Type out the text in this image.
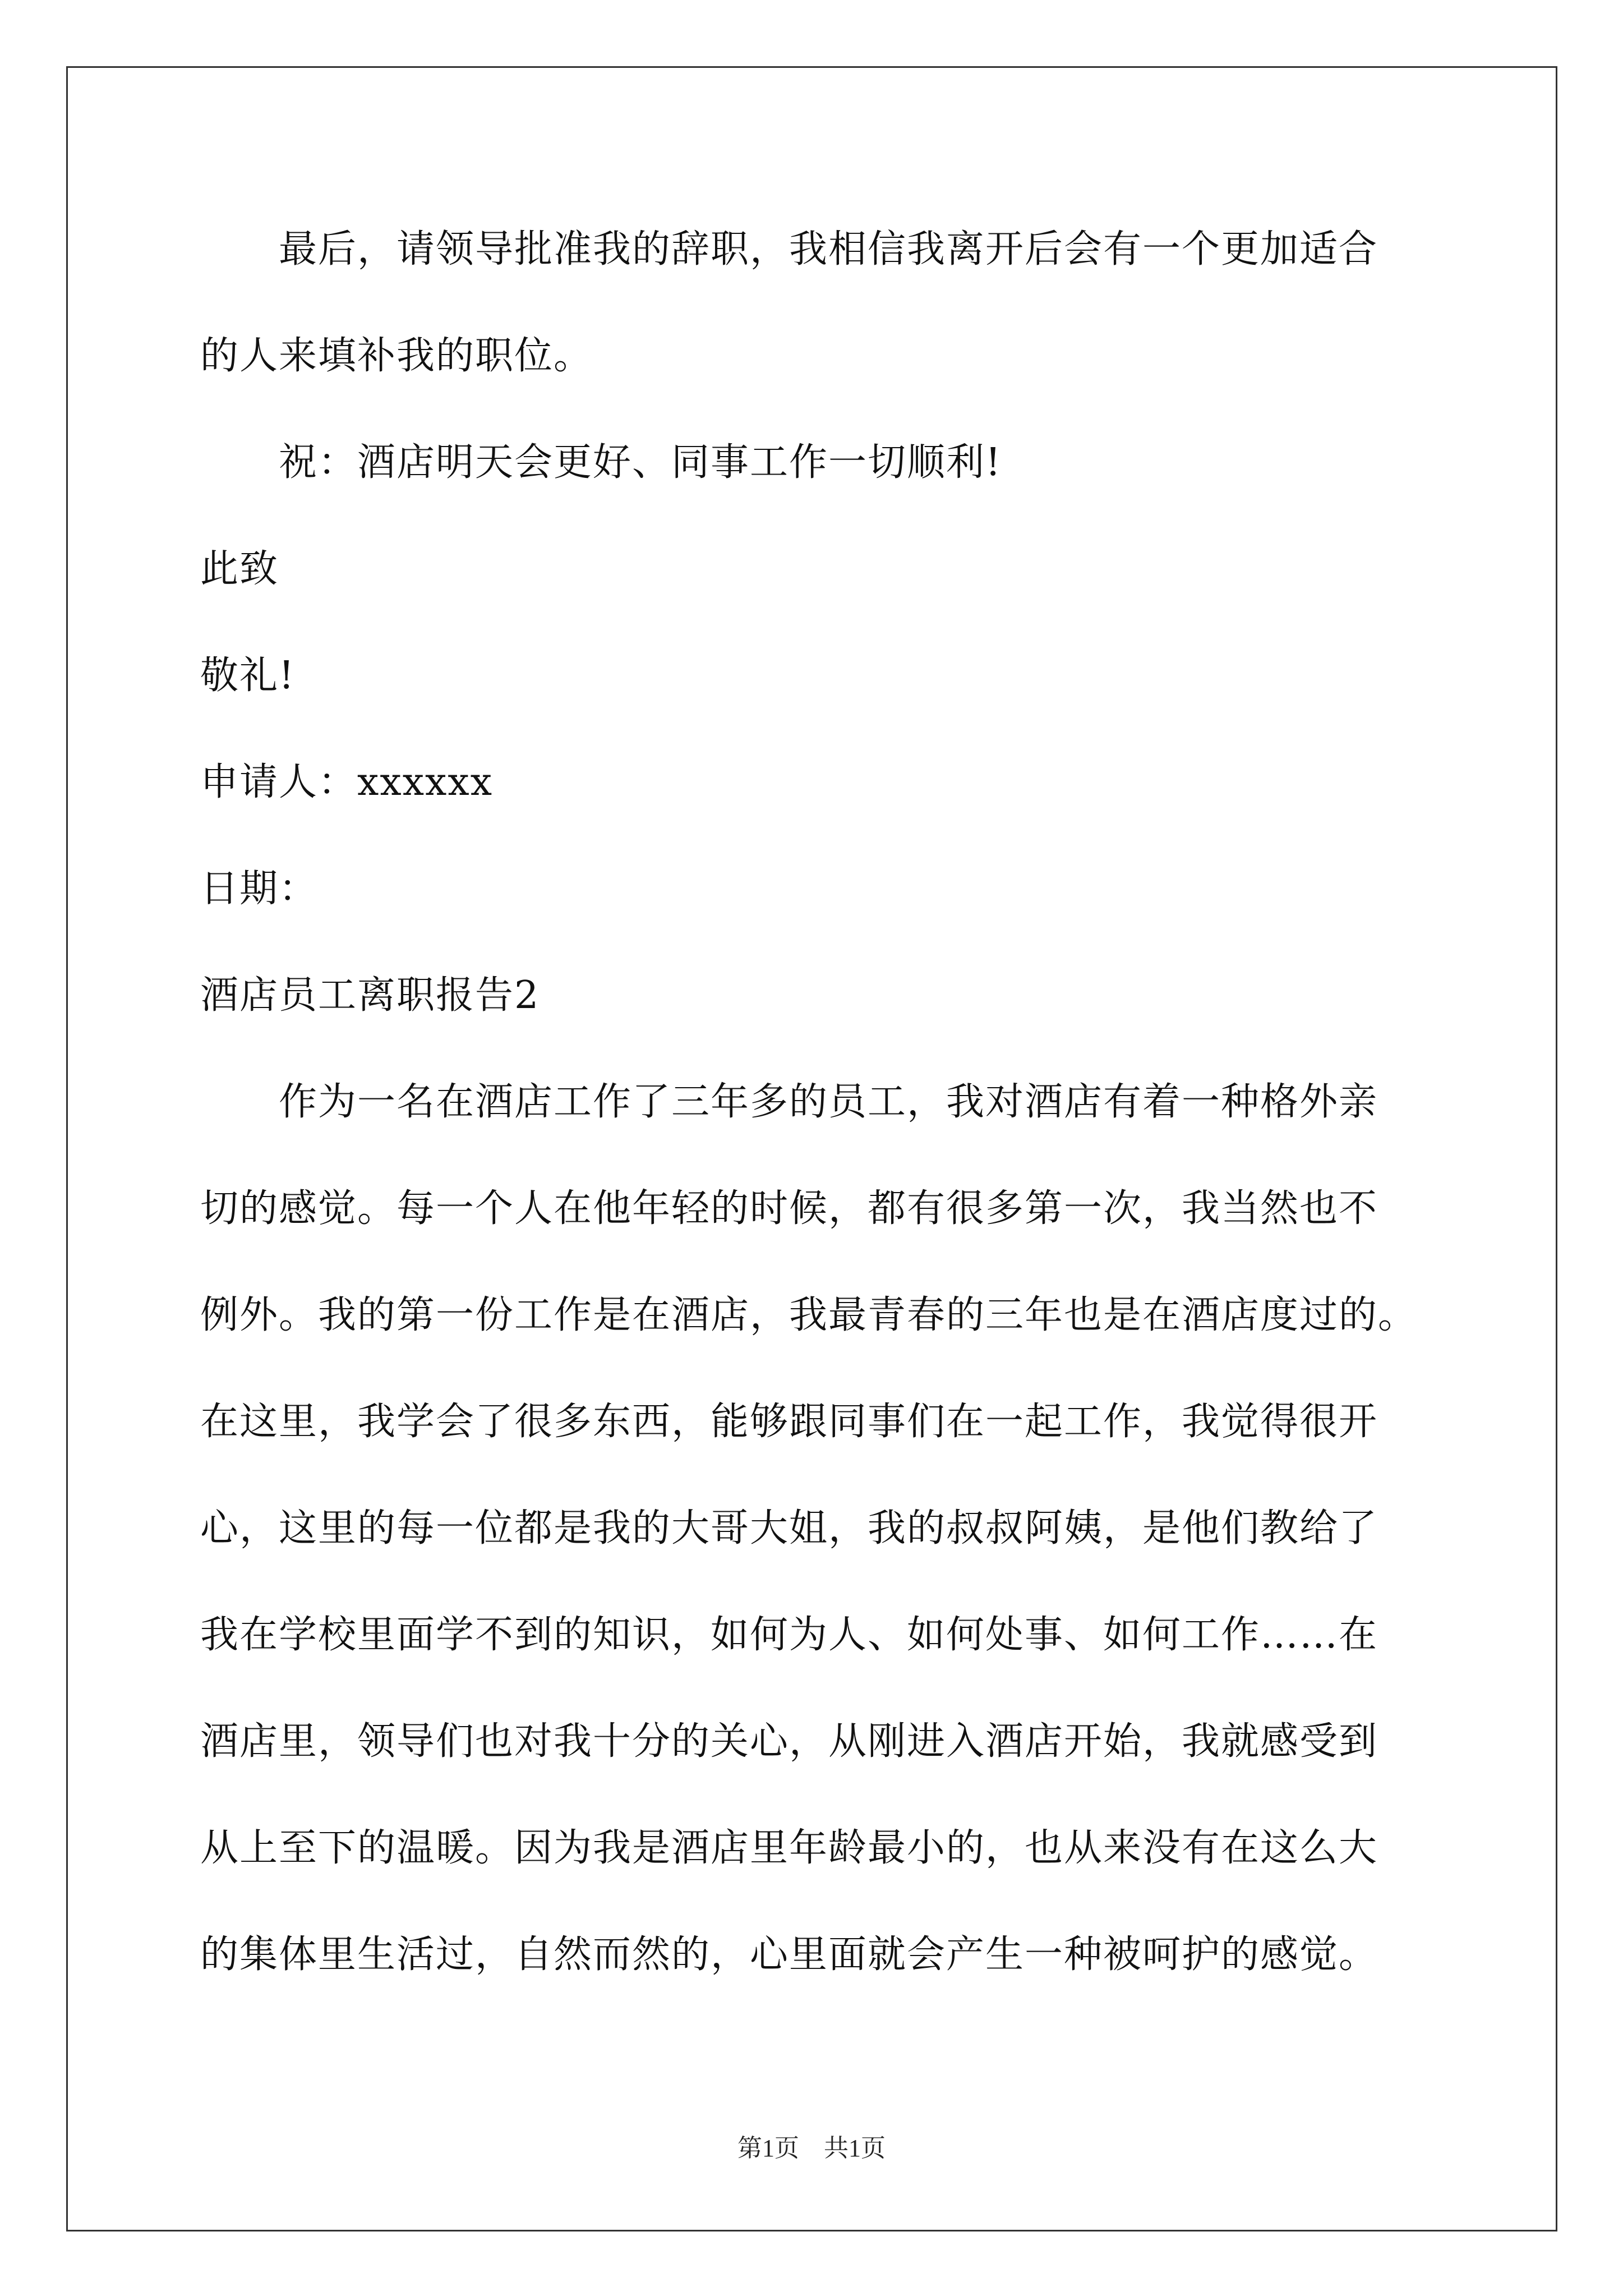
最后，请领导批准我的辞职，我相信我离开后会有一个更加适合
的人来填补我的职位。
祝：酒店明天会更好、同事工作一切顺利!
此致
敬礼!
申请人：xxxxxx
日期：
酒店员工离职报告2
作为一名在酒店工作了三年多的员工，我对酒店有着一种格外亲
切的感觉。每一个人在他年轻的时候，都有很多第一次，我当然也不
例外。我的第一份工作是在酒店，我最青春的三年也是在酒店度过的。
在这里，我学会了很多东西，能够跟同事们在一起工作，我觉得很开
心，这里的每一位都是我的大哥大姐，我的叔叔阿姨，是他们教给了
我在学校里面学不到的知识，如何为人、如何处事、如何工作……在
酒店里，领导们也对我十分的关心，从刚进入酒店开始，我就感受到
从上至下的温暖。因为我是酒店里年龄最小的，也从来没有在这么大
的集体里生活过，自然而然的，心里面就会产生一种被呵护的感觉。
第1页　共1页
